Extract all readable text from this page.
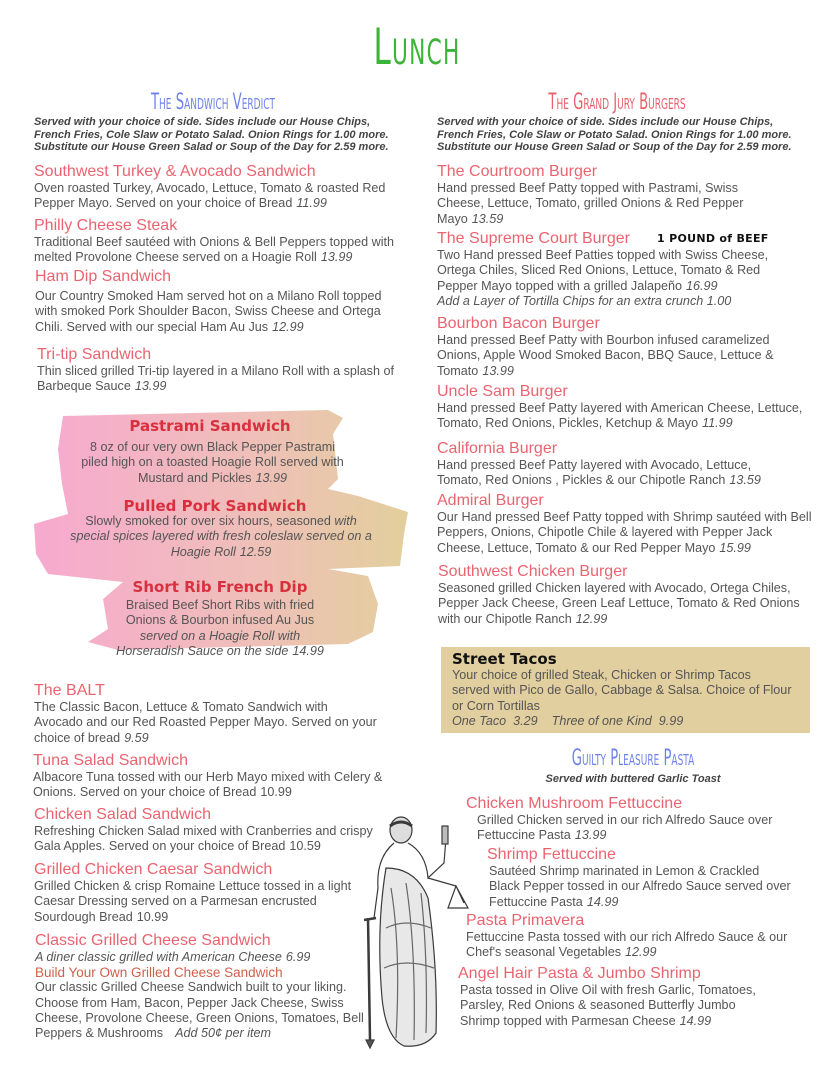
Lunch
The Sandwich Verdict
Served with your choice of side. Sides include our House Chips, French Fries, Cole Slaw or Potato Salad. Onion Rings for 1.00 more. Substitute our House Green Salad or Soup of the Day for 2.59 more.
Southwest Turkey & Avocado Sandwich
Oven roasted Turkey, Avocado, Lettuce, Tomato & roasted Red Pepper Mayo. Served on your choice of Bread 11.99
Philly Cheese Steak
Traditional Beef sautéed with Onions & Bell Peppers topped with melted Provolone Cheese served on a Hoagie Roll 13.99
Ham Dip Sandwich
Our Country Smoked Ham served hot on a Milano Roll topped with smoked Pork Shoulder Bacon, Swiss Cheese and Ortega Chili. Served with our special Ham Au Jus 12.99
Tri-tip Sandwich
Thin sliced grilled Tri-tip layered in a Milano Roll with a splash of Barbeque Sauce 13.99
Pastrami Sandwich
8 oz of our very own Black Pepper Pastrami piled high on a toasted Hoagie Roll served with Mustard and Pickles 13.99
Pulled Pork Sandwich
Slowly smoked for over six hours, seasoned with special spices layered with fresh coleslaw served on a Hoagie Roll 12.59
Short Rib French Dip
Braised Beef Short Ribs with fried Onions & Bourbon infused Au Jus served on a Hoagie Roll with Horseradish Sauce on the side 14.99
The BALT
The Classic Bacon, Lettuce & Tomato Sandwich with Avocado and our Red Roasted Pepper Mayo. Served on your choice of bread 9.59
Tuna Salad Sandwich
Albacore Tuna tossed with our Herb Mayo mixed with Celery & Onions. Served on your choice of Bread 10.99
Chicken Salad Sandwich
Refreshing Chicken Salad mixed with Cranberries and crispy Gala Apples. Served on your choice of Bread 10.59
Grilled Chicken Caesar Sandwich
Grilled Chicken & crisp Romaine Lettuce tossed in a light Caesar Dressing served on a Parmesan encrusted Sourdough Bread 10.99
Classic Grilled Cheese Sandwich
A diner classic grilled with American Cheese 6.99
Build Your Own Grilled Cheese Sandwich
Our classic Grilled Cheese Sandwich built to your liking. Choose from Ham, Bacon, Pepper Jack Cheese, Swiss Cheese, Provolone Cheese, Green Onions, Tomatoes, Bell Peppers & Mushrooms Add 50¢ per item
The Grand Jury Burgers
Served with your choice of side. Sides include our House Chips, French Fries, Cole Slaw or Potato Salad. Onion Rings for 1.00 more. Substitute our House Green Salad or Soup of the Day for 2.59 more.
The Courtroom Burger
Hand pressed Beef Patty topped with Pastrami, Swiss Cheese, Lettuce, Tomato, grilled Onions & Red Pepper Mayo 13.59
The Supreme Court Burger
Two Hand pressed Beef Patties topped with Swiss Cheese, Ortega Chiles, Sliced Red Onions, Lettuce, Tomato & Red Pepper Mayo topped with a grilled Jalapeño 16.99
Add a Layer of Tortilla Chips for an extra crunch 1.00
1 POUND of BEEF
Bourbon Bacon Burger
Hand pressed Beef Patty with Bourbon infused caramelized Onions, Apple Wood Smoked Bacon, BBQ Sauce, Lettuce & Tomato 13.99
Uncle Sam Burger
Hand pressed Beef Patty layered with American Cheese, Lettuce, Tomato, Red Onions, Pickles, Ketchup & Mayo 11.99
California Burger
Hand pressed Beef Patty layered with Avocado, Lettuce, Tomato, Red Onions , Pickles & our Chipotle Ranch 13.59
Admiral Burger
Our Hand pressed Beef Patty topped with Shrimp sautéed with Bell Peppers, Onions, Chipotle Chile & layered with Pepper Jack Cheese, Lettuce, Tomato & our Red Pepper Mayo 15.99
Southwest Chicken Burger
Seasoned grilled Chicken layered with Avocado, Ortega Chiles, Pepper Jack Cheese, Green Leaf Lettuce, Tomato & Red Onions with our Chipotle Ranch 12.99
Street Tacos
Your choice of grilled Steak, Chicken or Shrimp Tacos served with Pico de Gallo, Cabbage & Salsa. Choice of Flour or Corn Tortillas
One Taco  3.29    Three of one Kind  9.99
Guilty Pleasure Pasta
Served with buttered Garlic Toast
Chicken Mushroom Fettuccine
Grilled Chicken served in our rich Alfredo Sauce over Fettuccine Pasta 13.99
Shrimp Fettuccine
Sautéed Shrimp marinated in Lemon & Crackled Black Pepper tossed in our Alfredo Sauce served over Fettuccine Pasta 14.99
Pasta Primavera
Fettuccine Pasta tossed with our rich Alfredo Sauce & our Chef's seasonal Vegetables 12.99
Angel Hair Pasta & Jumbo Shrimp
Pasta tossed in Olive Oil with fresh Garlic, Tomatoes, Parsley, Red Onions & seasoned Butterfly Jumbo Shrimp topped with Parmesan Cheese 14.99
